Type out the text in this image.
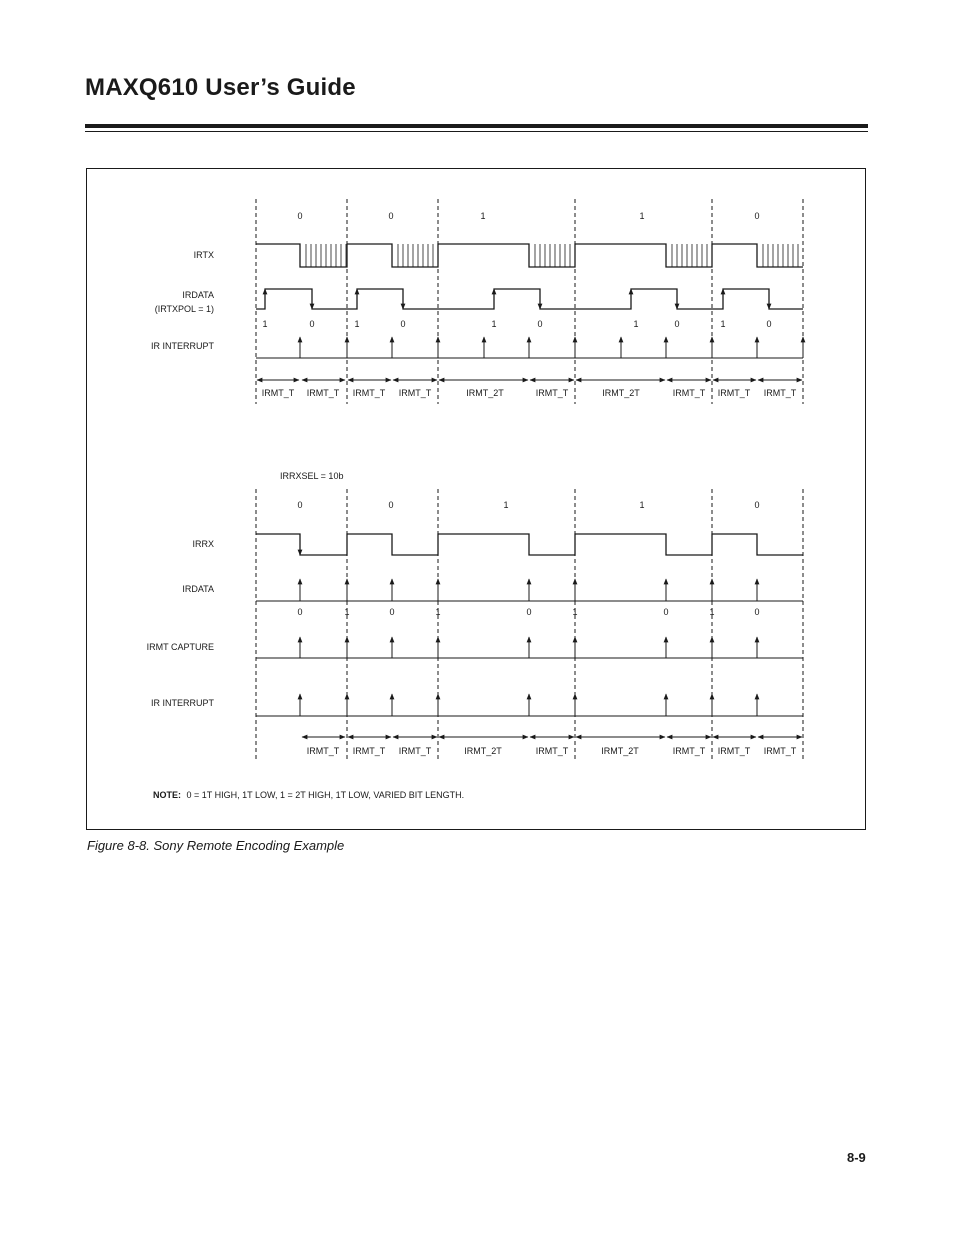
MAXQ610 User’s Guide
IRTX
IRDATA
(IRTXPOL = 1)
IR INTERRUPT
0	0	1	1	0
1	0	1	0	1	0	1	0	1	0
IRMT_T IRMT_T IRMT_T IRMT_T	IRMT_2T	IRMT_T	IRMT_2T	IRMT_T IRMT_T IRMT_T
IRRXSEL = 10b
0	0	1	1	0
IRRX
IRDATA
IRMT CAPTURE
IR INTERRUPT
0	1	0	1	0	1	0	1	0
IRMT_T IRMT_T IRMT_T	IRMT_2T	IRMT_T	IRMT_2T	IRMT_T IRMT_T IRMT_T
NOTE: 0 = 1T HIGH, 1T LOW, 1 = 2T HIGH, 1T LOW, VARIED BIT LENGTH.
Figure 8-8. Sony Remote Encoding Example
8-9
